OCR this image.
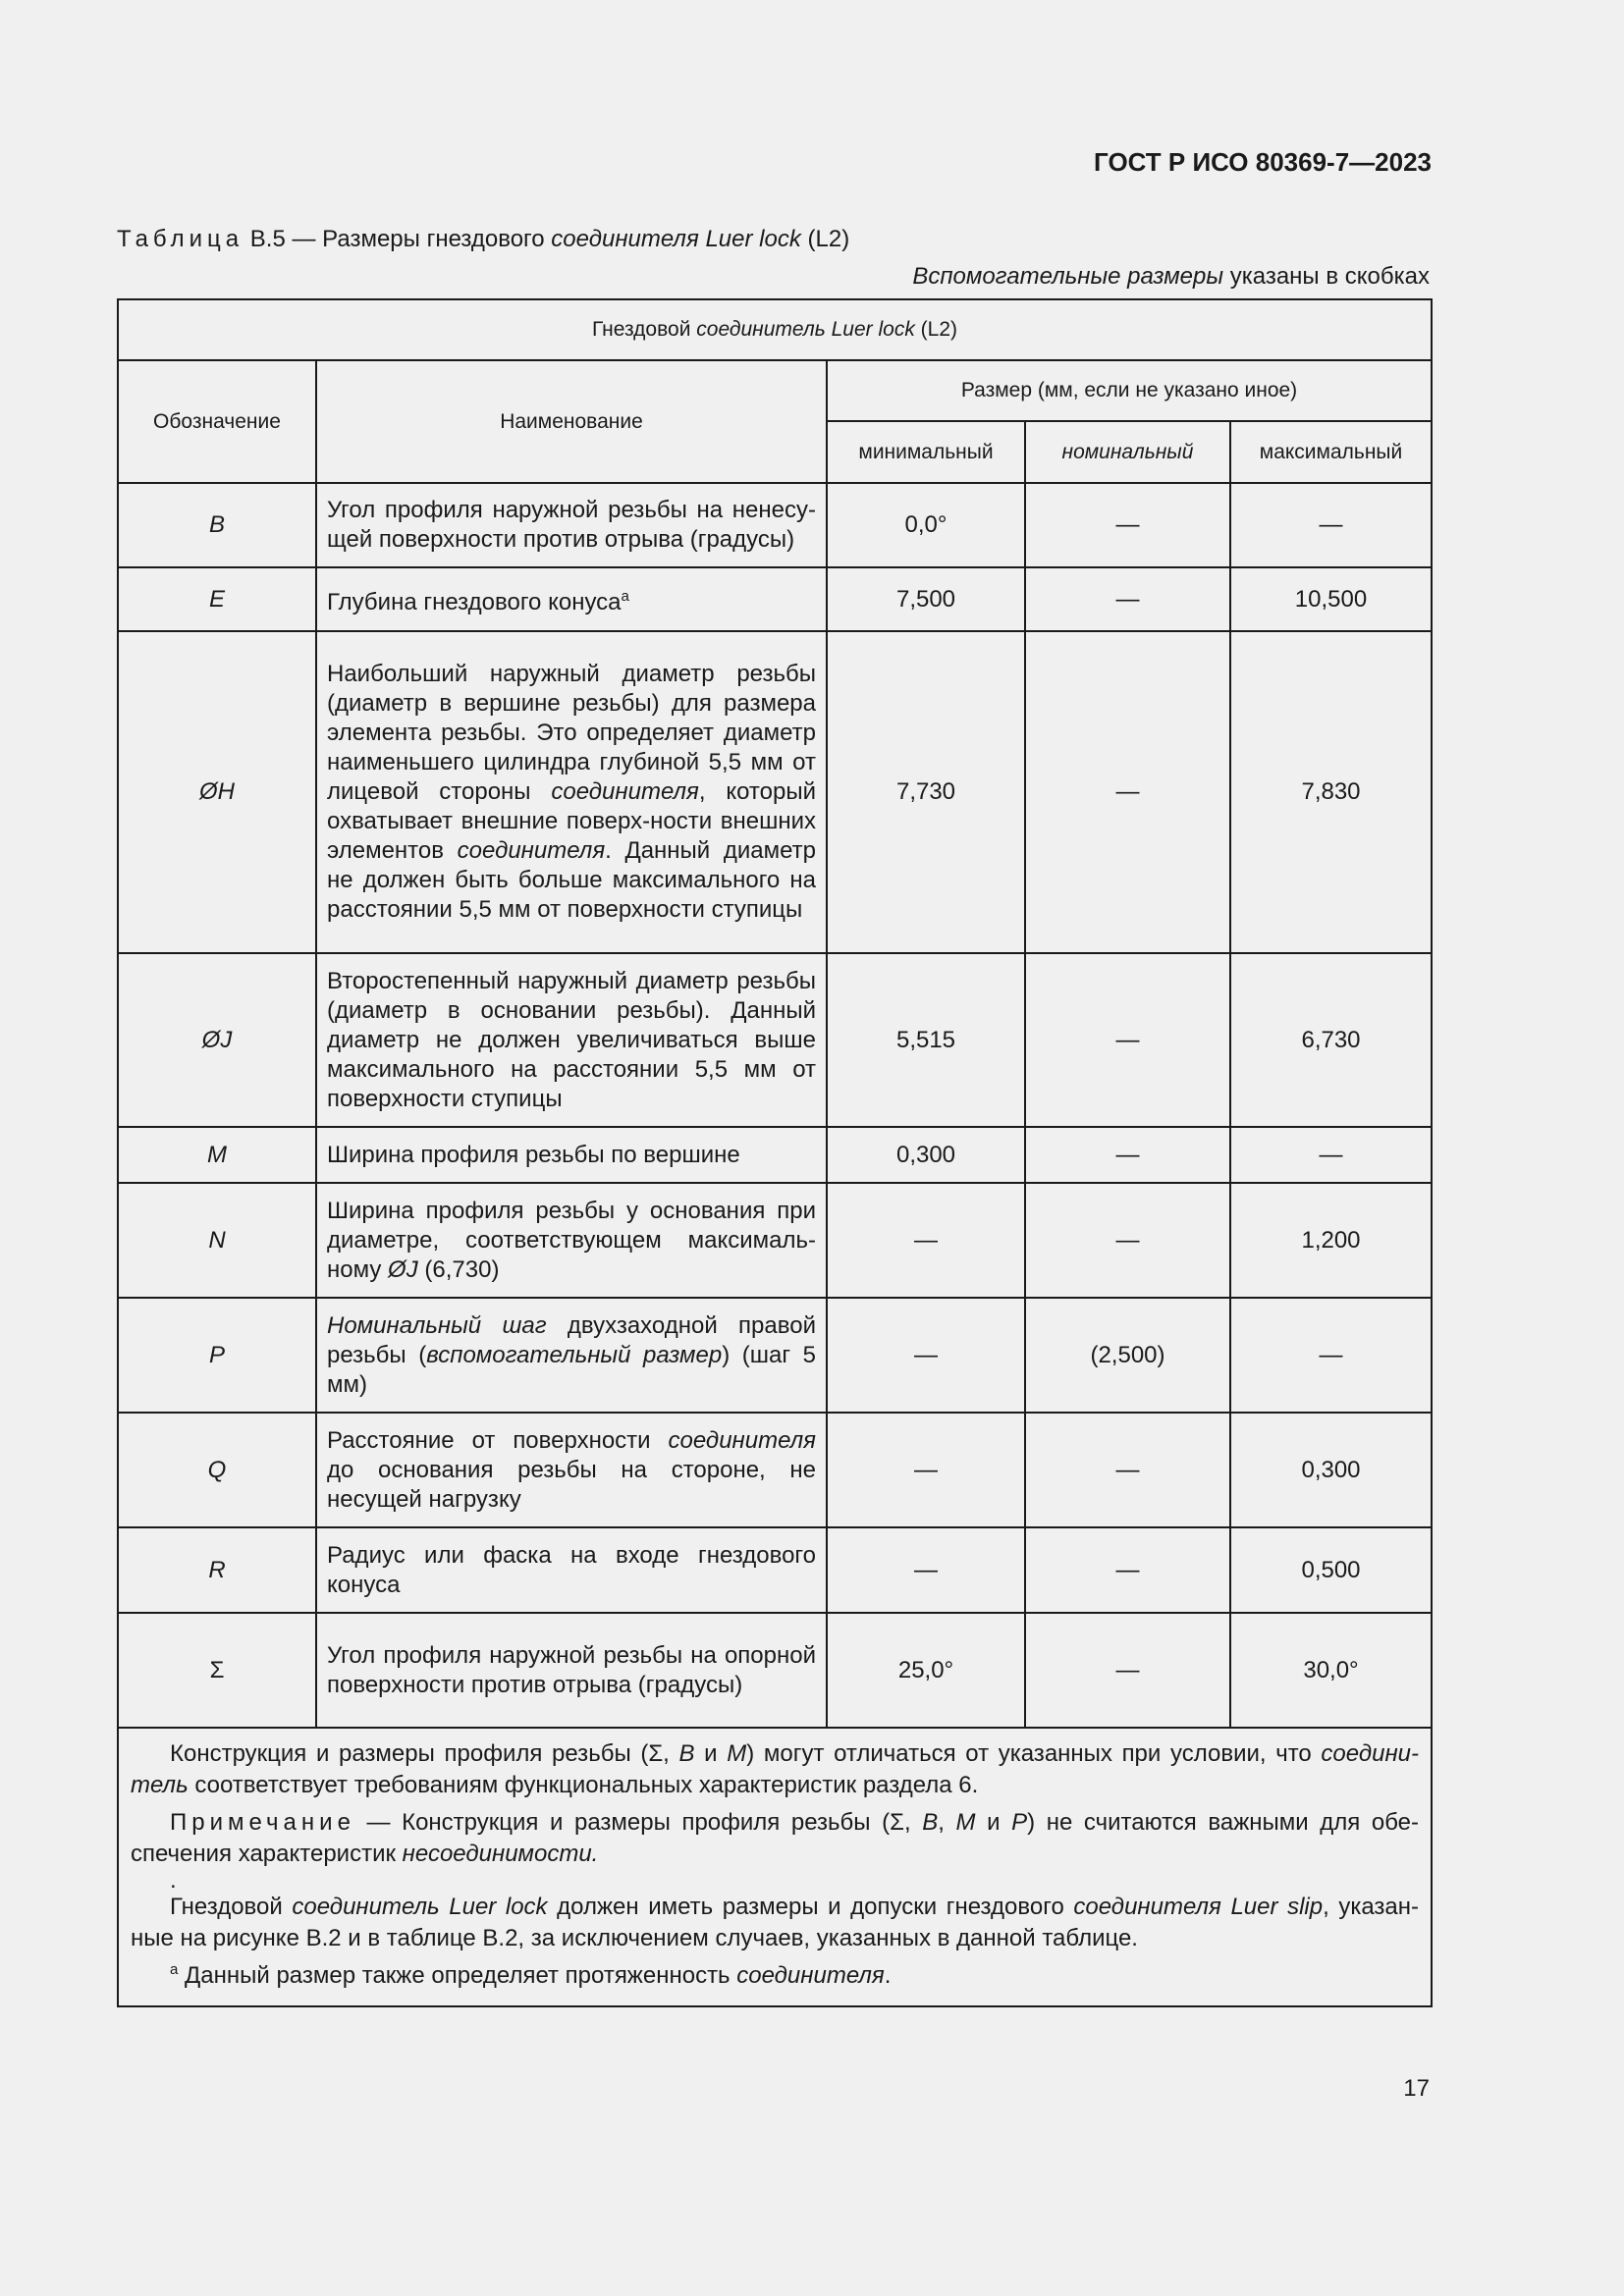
ГОСТ Р ИСО 80369-7—2023
Таблица B.5 — Размеры гнездового соединителя Luer lock (L2)
Вспомогательные размеры указаны в скобках
Гнездовой соединитель Luer lock (L2)				
Обозначение	Наименование	Размер (мм, если не указано иное)		
		минимальный	номинальный	максимальный
B	Угол профиля наружной резьбы на ненесу-щей поверхности против отрыва (градусы)	0,0°	—	—
E	Глубина гнездового конуса$^a$	7,500	—	10,500
ØH	Наибольший наружный диаметр резьбы (диаметр в вершине резьбы) для размера элемента резьбы. Это определяет диаметр наименьшего цилиндра глубиной 5,5 мм от лицевой стороны соединителя, который охватывает внешние поверх-ности внешних элементов соединителя. Данный диаметр не должен быть больше максимального на расстоянии 5,5 мм от поверхности ступицы	7,730	—	7,830
ØJ	Второстепенный наружный диаметр резьбы (диаметр в основании резьбы). Данный диаметр не должен увеличиваться выше максимального на расстоянии 5,5 мм от поверхности ступицы	5,515	—	6,730
M	Ширина профиля резьбы по вершине	0,300	—	—
N	Ширина профиля резьбы у основания при диаметре, соответствующем максималь-ному ØJ (6,730)	—	—	1,200
P	Номинальный шаг двухзаходной правой резьбы (вспомогательный размер) (шаг 5 мм)	—	(2,500)	—
Q	Расстояние от поверхности соединителя до основания резьбы на стороне, не несущей нагрузку	—	—	0,300
R	Радиус или фаска на входе гнездового конуса	—	—	0,500
Σ	Угол профиля наружной резьбы на опорной поверхности против отрыва (градусы)	25,0°	—	30,0°

Конструкция и размеры профиля резьбы (Σ, B и M) могут отличаться от указанных при условии, что соедини-тель соответствует требованиям функциональных характеристик раздела 6.

Примечание — Конструкция и размеры профиля резьбы (Σ, B, M и P) не считаются важными для обе-спечения характеристик несоединимости.

.

Гнездовой соединитель Luer lock должен иметь размеры и допуски гнездового соединителя Luer slip, указан-ные на рисунке B.2 и в таблице B.2, за исключением случаев, указанных в данной таблице.

$^a$ Данный размер также определяет протяженность соединителя.				

17
